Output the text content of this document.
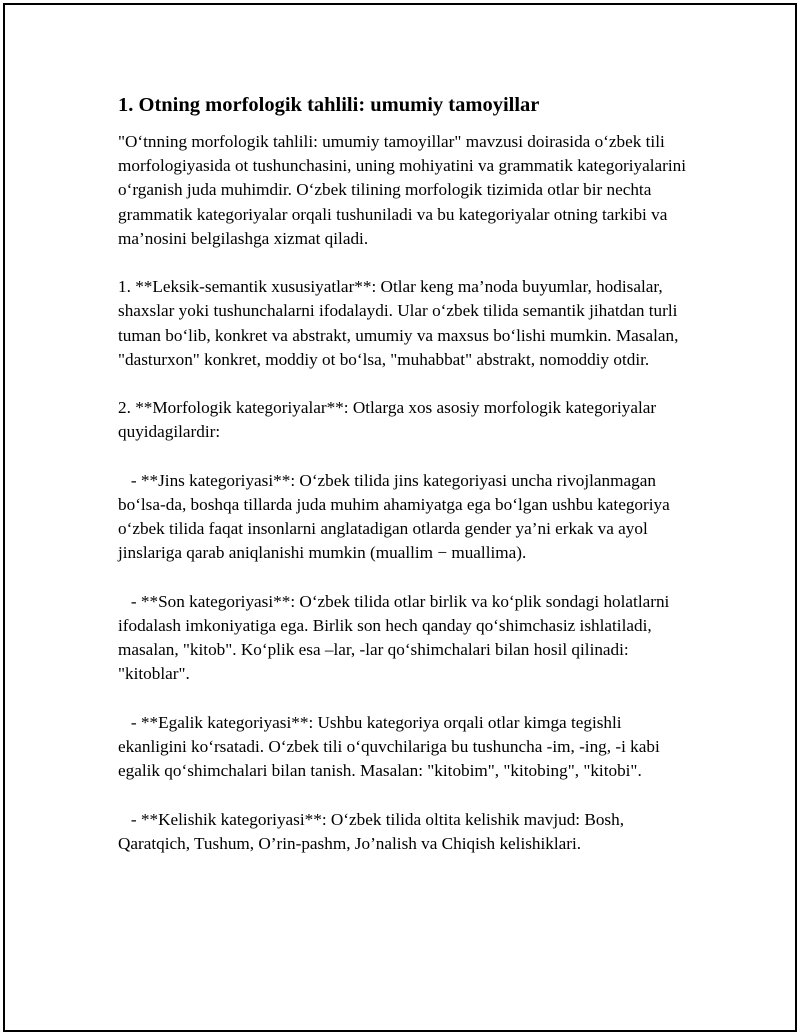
1. Otning morfologik tahlili: umumiy tamoyillar

"O‘tnning morfologik tahlili: umumiy tamoyillar" mavzusi doirasida o‘zbek tili morfologiyasida ot tushunchasini, uning mohiyatini va grammatik kategoriyalarini o‘rganish juda muhimdir. O‘zbek tilining morfologik tizimida otlar bir nechta grammatik kategoriyalar orqali tushuniladi va bu kategoriyalar otning tarkibi va ma’nosini belgilashga xizmat qiladi.

1. **Leksik-semantik xususiyatlar**: Otlar keng ma’noda buyumlar, hodisalar, shaxslar yoki tushunchalarni ifodalaydi. Ular o‘zbek tilida semantik jihatdan turli tuman bo‘lib, konkret va abstrakt, umumiy va maxsus bo‘lishi mumkin. Masalan, "dasturxon" konkret, moddiy ot bo‘lsa, "muhabbat" abstrakt, nomoddiy otdir.

2. **Morfologik kategoriyalar**: Otlarga xos asosiy morfologik kategoriyalar quyidagilardir:

- **Jins kategoriyasi**: O‘zbek tilida jins kategoriyasi uncha rivojlanmagan bo‘lsa-da, boshqa tillarda juda muhim ahamiyatga ega bo‘lgan ushbu kategoriya o‘zbek tilida faqat insonlarni anglatadigan otlarda gender ya’ni erkak va ayol jinslariga qarab aniqlanishi mumkin (muallim − muallima).

- **Son kategoriyasi**: O‘zbek tilida otlar birlik va ko‘plik sondagi holatlarni ifodalash imkoniyatiga ega. Birlik son hech qanday qo‘shimchasiz ishlatiladi, masalan, "kitob". Ko‘plik esa –lar, -lar qo‘shimchalari bilan hosil qilinadi: "kitoblar".

- **Egalik kategoriyasi**: Ushbu kategoriya orqali otlar kimga tegishli ekanligini ko‘rsatadi. O‘zbek tili o‘quvchilariga bu tushuncha -im, -ing, -i kabi egalik qo‘shimchalari bilan tanish. Masalan: "kitobim", "kitobing", "kitobi".

- **Kelishik kategoriyasi**: O‘zbek tilida oltita kelishik mavjud: Bosh, Qaratqich, Tushum, O’rin-pashm, Jo’nalish va Chiqish kelishiklari.
